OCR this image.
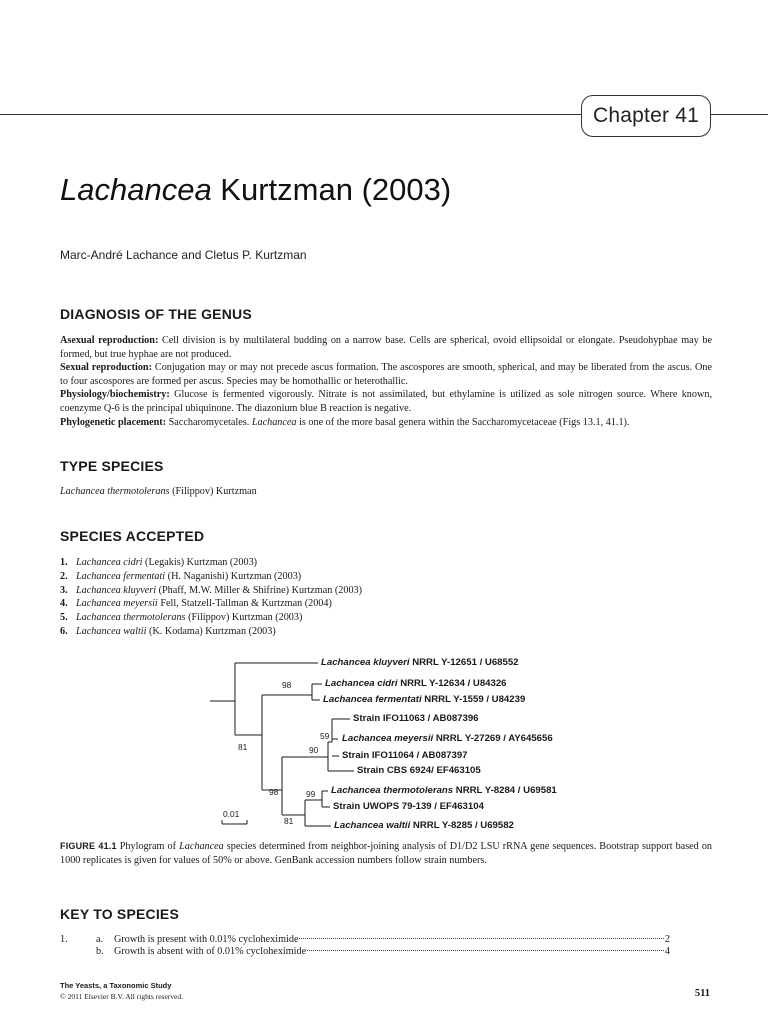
Chapter 41
Lachancea Kurtzman (2003)
Marc-André Lachance and Cletus P. Kurtzman
DIAGNOSIS OF THE GENUS

Asexual reproduction: Cell division is by multilateral budding on a narrow base. Cells are spherical, ovoid ellipsoidal or elongate. Pseudohyphae may be formed, but true hyphae are not produced.

Sexual reproduction: Conjugation may or may not precede ascus formation. The ascospores are smooth, spherical, and may be liberated from the ascus. One to four ascospores are formed per ascus. Species may be homothallic or heterothallic.

Physiology/biochemistry: Glucose is fermented vigorously. Nitrate is not assimilated, but ethylamine is utilized as sole nitrogen source. Where known, coenzyme Q-6 is the principal ubiquinone. The diazonium blue B reaction is negative.

Phylogenetic placement: Saccharomycetales. Lachancea is one of the more basal genera within the Saccharomycetaceae (Figs 13.1, 41.1).

TYPE SPECIES
Lachancea thermotolerans (Filippov) Kurtzman
SPECIES ACCEPTED
1. Lachancea cidri (Legakis) Kurtzman (2003)
2. Lachancea fermentati (H. Naganishi) Kurtzman (2003)
3. Lachancea kluyveri (Phaff, M.W. Miller & Shifrine) Kurtzman (2003)
4. Lachancea meyersii Fell, Statzell-Tallman & Kurtzman (2004)
5. Lachancea thermotolerans (Filippov) Kurtzman (2003)
6. Lachancea waltii (K. Kodama) Kurtzman (2003)
Lachancea kluyveri NRRL Y-12651 / U68552
Lachancea cidri NRRL Y-12634 / U84326
Lachancea fermentati NRRL Y-1559 / U84239
Strain IFO11063 / AB087396
Lachancea meyersii NRRL Y-27269 / AY645656
Strain IFO11064 / AB087397
Strain CBS 6924/ EF463105
Lachancea thermotolerans NRRL Y-8284 / U69581
Strain UWOPS 79-139 / EF463104
Lachancea waltii NRRL Y-8285 / U69582
98
81
59
90
98	99
81
0.01
FIGURE 41.1 Phylogram of Lachancea species determined from neighbor-joining analysis of D1/D2 LSU rRNA gene sequences. Bootstrap support based on 1000 replicates is given for values of 50% or above. GenBank accession numbers follow strain numbers.
KEY TO SPECIES
1.	a.	Growth is present with 0.01% cycloheximide	2
b.	Growth is absent with of 0.01% cycloheximide	4
The Yeasts, a Taxonomic Study
© 2011 Elsevier B.V. All rights reserved.	511
